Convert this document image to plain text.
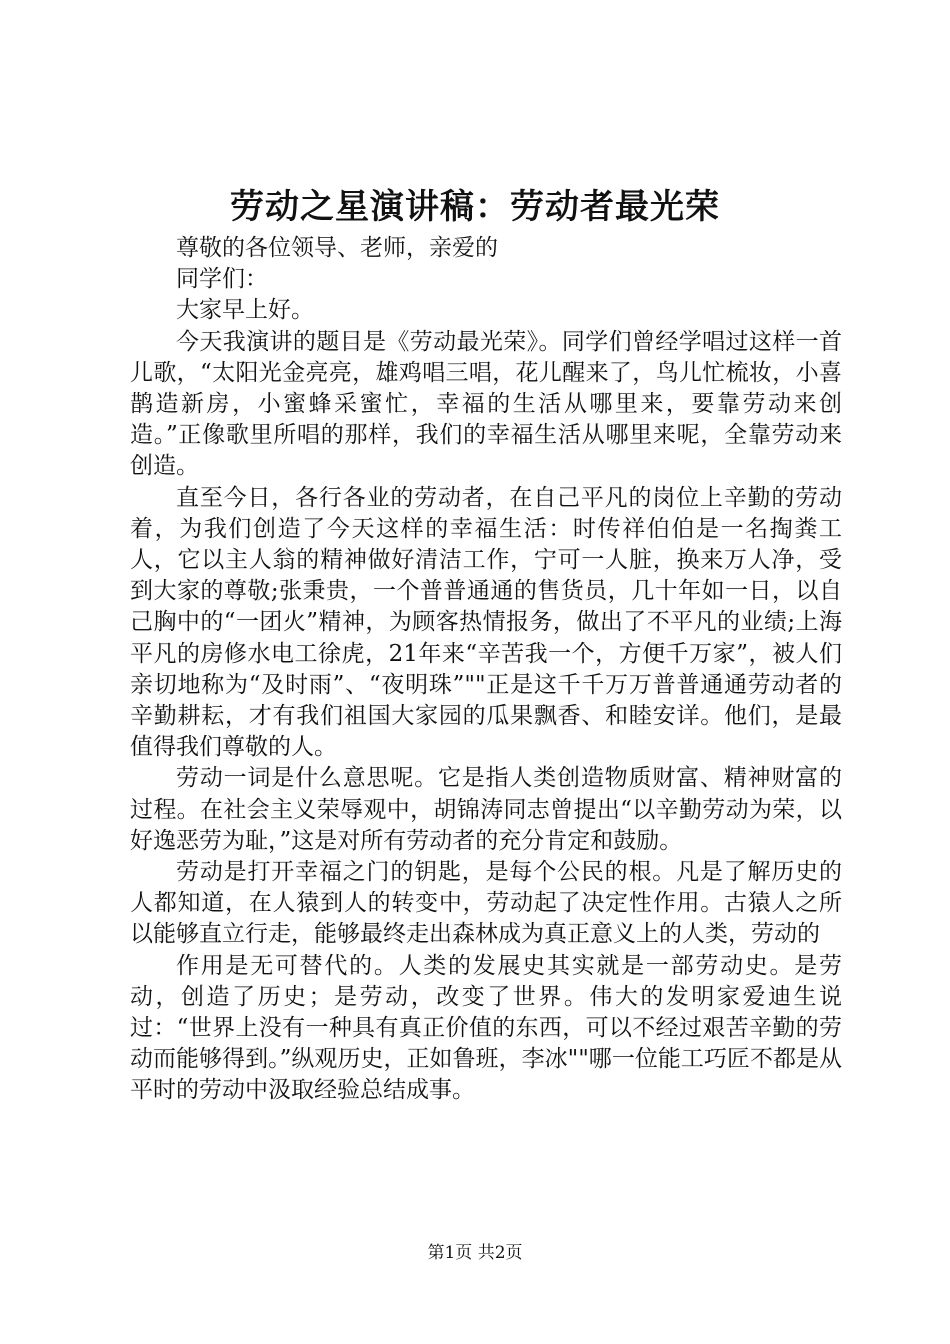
劳动之星演讲稿：劳动者最光荣

尊敬的各位领导、老师，亲爱的

同学们：

大家早上好。

今天我演讲的题目是《劳动最光荣》。同学们曾经学唱过这样一首儿歌，“太阳光金亮亮，雄鸡唱三唱，花儿醒来了，鸟儿忙梳妆，小喜鹊造新房，小蜜蜂采蜜忙，幸福的生活从哪里来，要靠劳动来创造。”正像歌里所唱的那样，我们的幸福生活从哪里来呢，全靠劳动来创造。

直至今日，各行各业的劳动者，在自己平凡的岗位上辛勤的劳动着，为我们创造了今天这样的幸福生活：时传祥伯伯是一名掏粪工人，它以主人翁的精神做好清洁工作，宁可一人脏，换来万人净，受到大家的尊敬;张秉贵，一个普普通通的售货员，几十年如一日，以自己胸中的“一团火”精神，为顾客热情报务，做出了不平凡的业绩;上海平凡的房修水电工徐虎，21年来“辛苦我一个，方便千万家”，被人们亲切地称为“及时雨”、“夜明珠”""正是这千千万万普普通通劳动者的辛勤耕耘，才有我们祖国大家园的瓜果飘香、和睦安详。他们，是最值得我们尊敬的人。

劳动一词是什么意思呢。它是指人类创造物质财富、精神财富的过程。在社会主义荣辱观中，胡锦涛同志曾提出“以辛勤劳动为荣，以好逸恶劳为耻，”这是对所有劳动者的充分肯定和鼓励。

劳动是打开幸福之门的钥匙，是每个公民的根。凡是了解历史的人都知道，在人猿到人的转变中，劳动起了决定性作用。古猿人之所以能够直立行走，能够最终走出森林成为真正意义上的人类，劳动的

作用是无可替代的。人类的发展史其实就是一部劳动史。是劳动，创造了历史；是劳动，改变了世界。伟大的发明家爱迪生说过：“世界上没有一种具有真正价值的东西，可以不经过艰苦辛勤的劳动而能够得到。”纵观历史，正如鲁班，李冰""哪一位能工巧匠不都是从平时的劳动中汲取经验总结成事。

第1页 共2页
